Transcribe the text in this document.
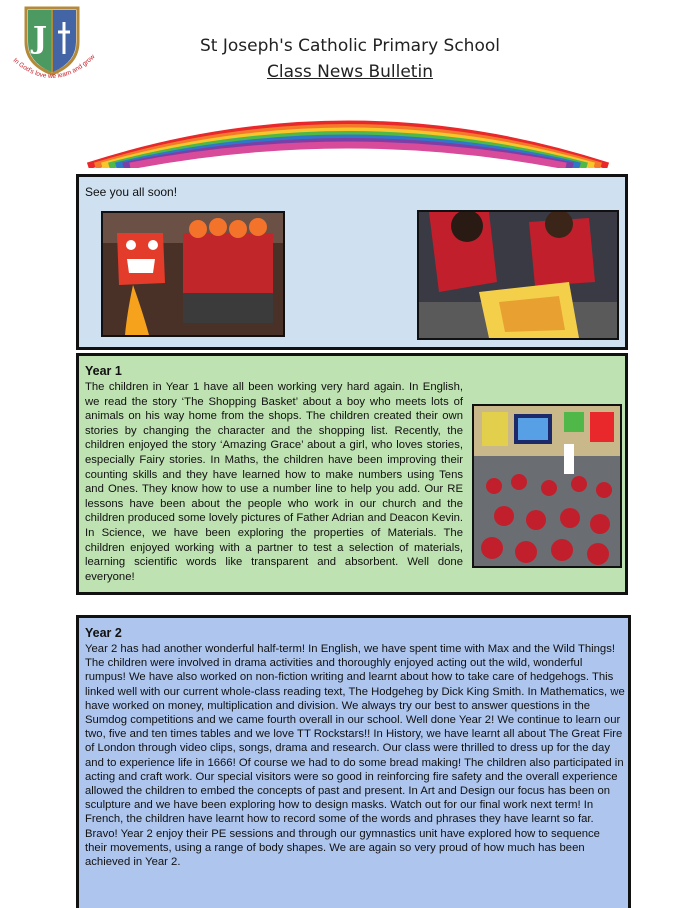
J
In God's love we learn and grow
St Joseph's Catholic Primary School
Class News Bulletin
See you all soon!
Year 1

The children in Year 1 have all been working very hard again. In English, we read the story ‘The Shopping Basket’ about a boy who meets lots of animals on his way home from the shops. The children created their own stories by changing the character and the shopping list. Recently, the children enjoyed the story ‘Amazing Grace’ about a girl, who loves stories, especially Fairy stories. In Maths, the children have been improving their counting skills and they have learned how to make numbers using Tens and Ones. They know how to use a number line to help you add. Our RE lessons have been about the people who work in our church and the children produced some lovely pictures of Father Adrian and Deacon Kevin. In Science, we have been exploring the properties of Materials. The children enjoyed working with a partner to test a selection of materials, learning scientific words like transparent and absorbent. Well done everyone!

Year 2

Year 2 has had another wonderful half-term! In English, we have spent time with Max and the Wild Things! The children were involved in drama activities and thoroughly enjoyed acting out the wild, wonderful rumpus! We have also worked on non-fiction writing and learnt about how to take care of hedgehogs. This linked well with our current whole-class reading text, The Hodgeheg by Dick King Smith. In Mathematics, we have worked on money, multiplication and division. We always try our best to answer questions in the Sumdog competitions and we came fourth overall in our school. Well done Year 2! We continue to learn our two, five and ten times tables and we love TT Rockstars!! In History, we have learnt all about The Great Fire of London through video clips, songs, drama and research. Our class were thrilled to dress up for the day and to experience life in 1666! Of course we had to do some bread making! The children also participated in acting and craft work. Our special visitors were so good in reinforcing fire safety and the overall experience allowed the children to embed the concepts of past and present. In Art and Design our focus has been on sculpture and we have been exploring how to design masks. Watch out for our final work next term! In French, the children have learnt how to record some of the words and phrases they have learnt so far. Bravo! Year 2 enjoy their PE sessions and through our gymnastics unit have explored how to sequence their movements, using a range of body shapes. We are again so very proud of how much has been achieved in Year 2.
